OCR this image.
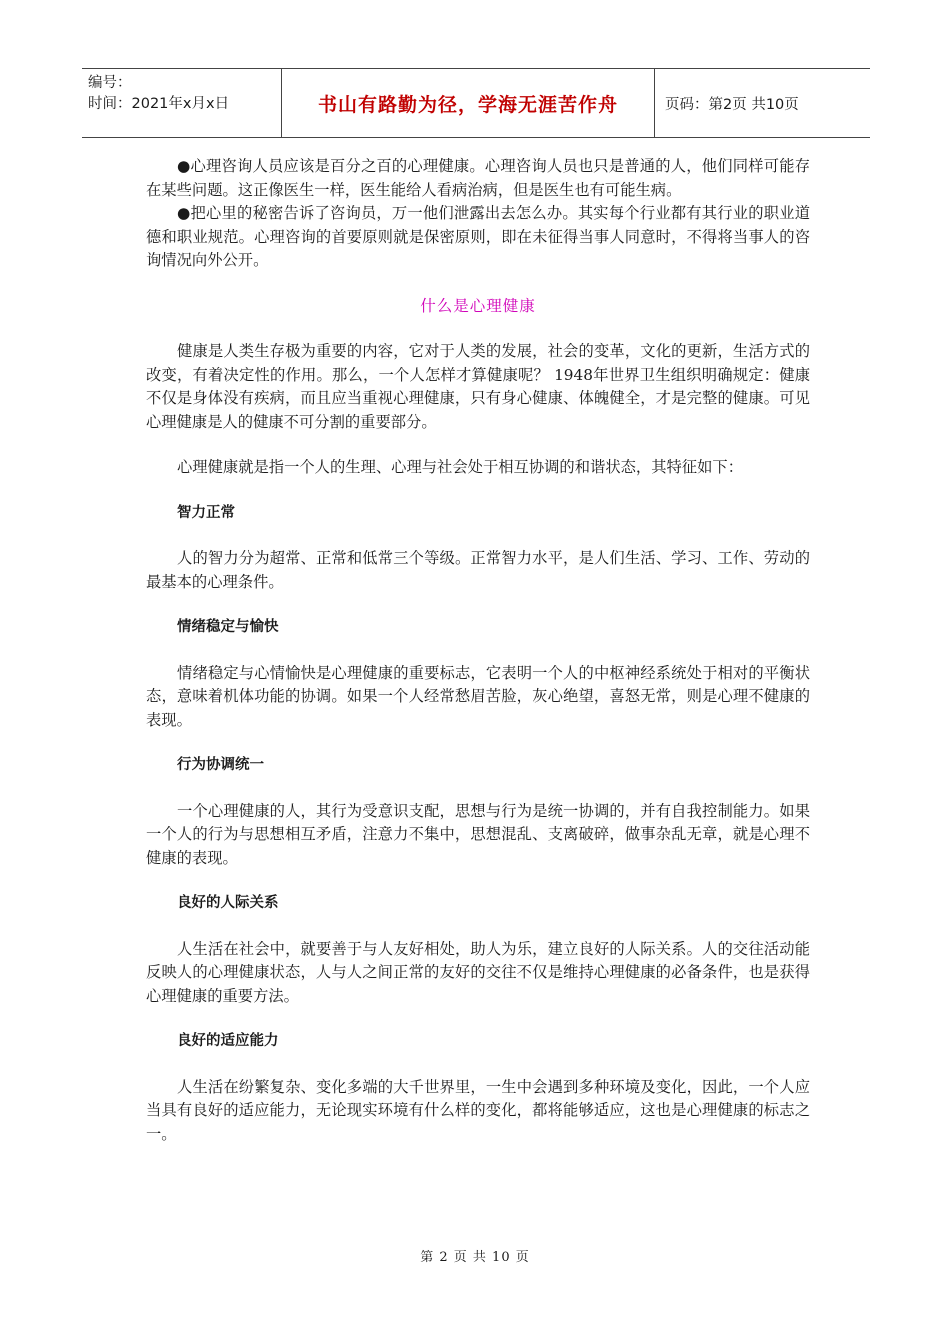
编号：
时间：2021年x月x日	书山有路勤为径，学海无涯苦作舟	页码：第2页 共10页

●心理咨询人员应该是百分之百的心理健康。心理咨询人员也只是普通的人，他们同样可能存在某些问题。这正像医生一样，医生能给人看病治病，但是医生也有可能生病。

●把心里的秘密告诉了咨询员，万一他们泄露出去怎么办。其实每个行业都有其行业的职业道德和职业规范。心理咨询的首要原则就是保密原则，即在未征得当事人同意时，不得将当事人的咨询情况向外公开。

什么是心理健康

健康是人类生存极为重要的内容，它对于人类的发展，社会的变革，文化的更新，生活方式的改变，有着决定性的作用。那么，一个人怎样才算健康呢？ 1948年世界卫生组织明确规定：健康不仅是身体没有疾病，而且应当重视心理健康，只有身心健康、体魄健全，才是完整的健康。可见心理健康是人的健康不可分割的重要部分。

心理健康就是指一个人的生理、心理与社会处于相互协调的和谐状态，其特征如下：

智力正常

人的智力分为超常、正常和低常三个等级。正常智力水平，是人们生活、学习、工作、劳动的最基本的心理条件。

情绪稳定与愉快

情绪稳定与心情愉快是心理健康的重要标志，它表明一个人的中枢神经系统处于相对的平衡状态，意味着机体功能的协调。如果一个人经常愁眉苦脸，灰心绝望，喜怒无常，则是心理不健康的表现。

行为协调统一

一个心理健康的人，其行为受意识支配，思想与行为是统一协调的，并有自我控制能力。如果一个人的行为与思想相互矛盾，注意力不集中，思想混乱、支离破碎，做事杂乱无章，就是心理不健康的表现。

良好的人际关系

人生活在社会中，就要善于与人友好相处，助人为乐，建立良好的人际关系。人的交往活动能反映人的心理健康状态，人与人之间正常的友好的交往不仅是维持心理健康的必备条件，也是获得心理健康的重要方法。

良好的适应能力

人生活在纷繁复杂、变化多端的大千世界里，一生中会遇到多种环境及变化，因此，一个人应当具有良好的适应能力，无论现实环境有什么样的变化，都将能够适应，这也是心理健康的标志之一。

第 2 页 共 10 页
